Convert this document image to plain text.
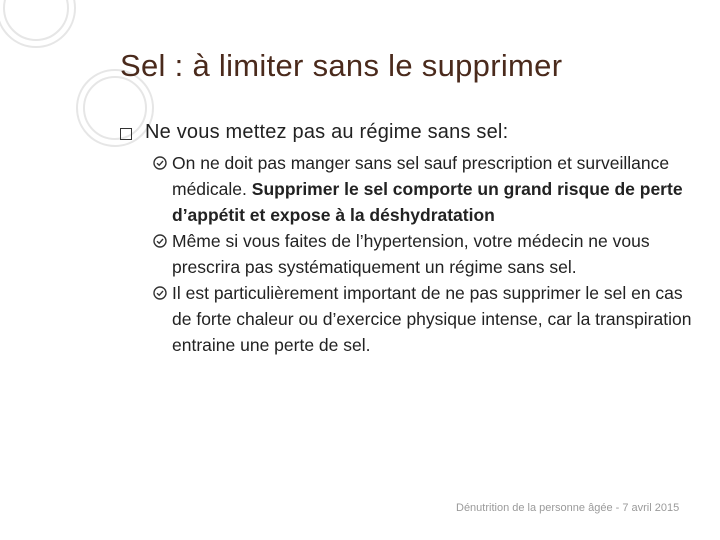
Sel : à limiter sans le supprimer
Ne vous mettez pas au régime sans sel:
On ne doit pas manger sans sel sauf prescription et surveillance médicale. Supprimer le sel comporte un grand risque de perte d’appétit et expose à la déshydratation
Même si vous faites de l’hypertension, votre médecin ne vous prescrira pas systématiquement un régime sans sel.
Il est particulièrement important de ne pas supprimer le sel en cas de forte chaleur ou d’exercice physique intense, car la transpiration entraine une perte de sel.
Dénutrition de la personne âgée - 7 avril 2015
